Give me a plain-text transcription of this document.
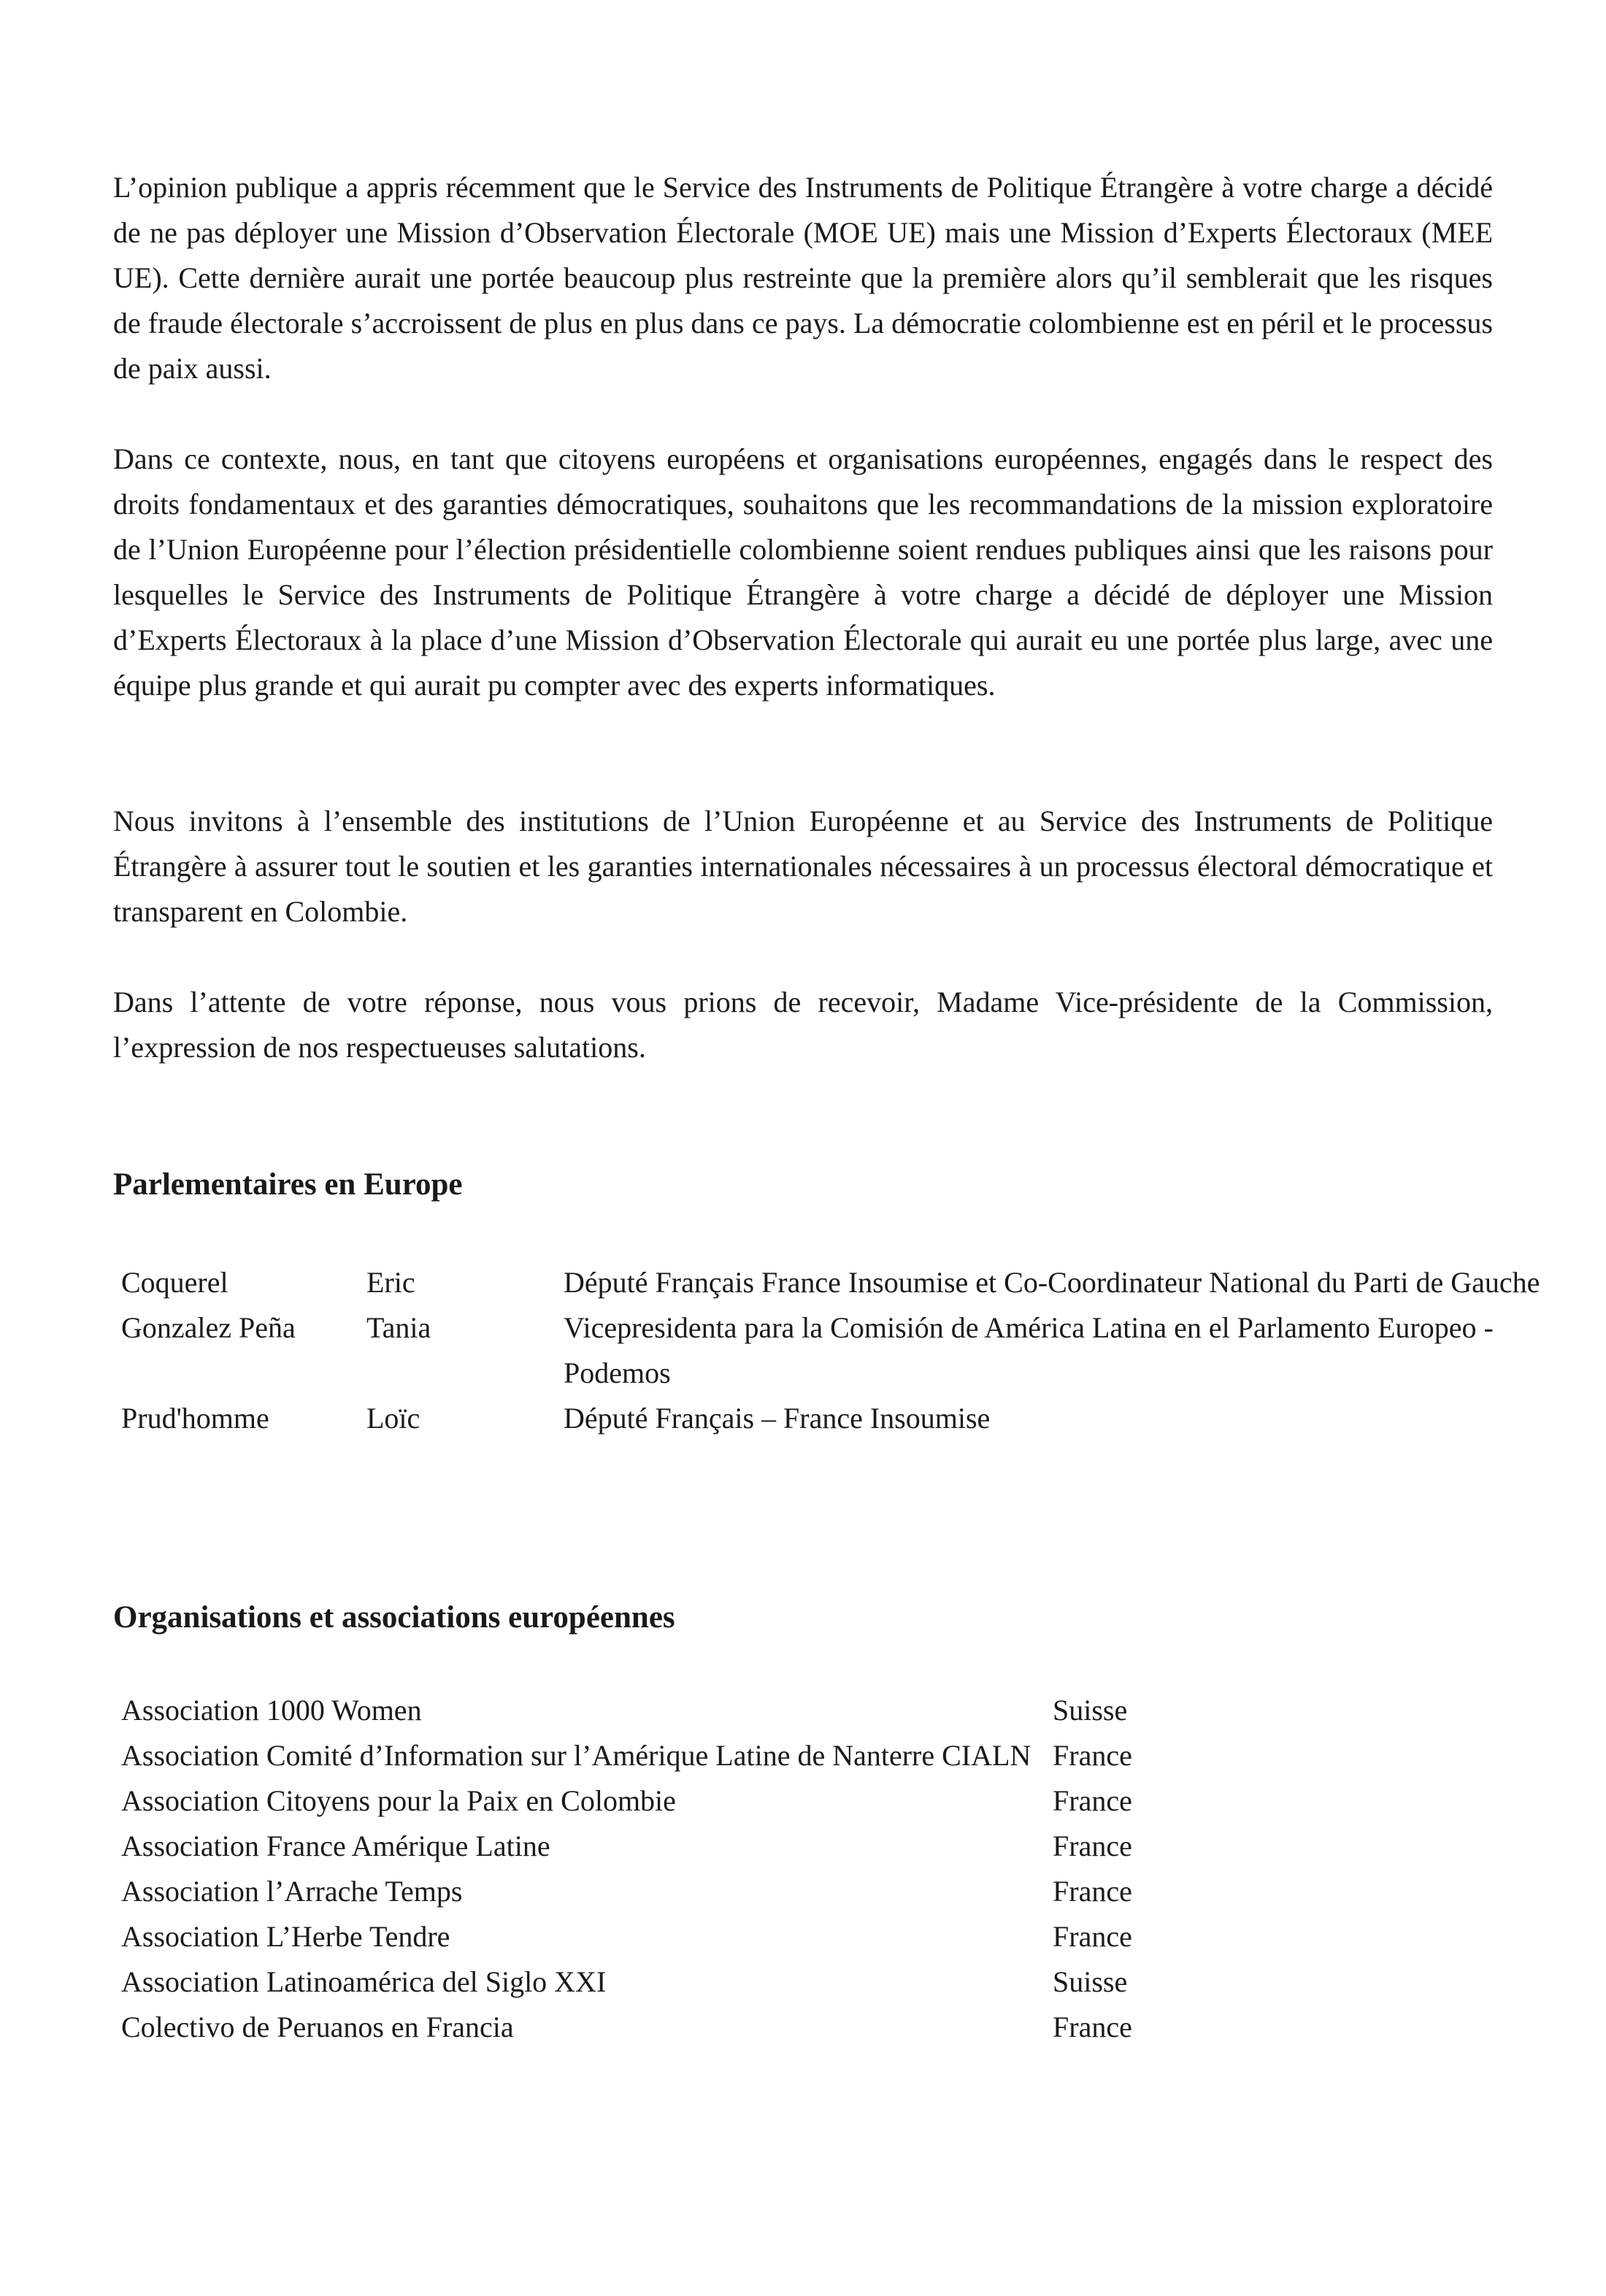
L’opinion publique a appris récemment que le Service des Instruments de Politique Étrangère à votre charge a décidé de ne pas déployer une Mission d’Observation Électorale (MOE UE) mais une Mission d’Experts Électoraux (MEE UE). Cette dernière aurait une portée beaucoup plus restreinte que la première alors qu’il semblerait que les risques de fraude électorale s’accroissent de plus en plus dans ce pays. La démocratie colombienne est en péril et le processus de paix aussi.

Dans ce contexte, nous, en tant que citoyens européens et organisations européennes, engagés dans le respect des droits fondamentaux et des garanties démocratiques, souhaitons que les recommandations de la mission exploratoire de l’Union Européenne pour l’élection présidentielle colombienne soient rendues publiques ainsi que les raisons pour lesquelles le Service des Instruments de Politique Étrangère à votre charge a décidé de déployer une Mission d’Experts Électoraux à la place d’une Mission d’Observation Électorale qui aurait eu une portée plus large, avec une équipe plus grande et qui aurait pu compter avec des experts informatiques.

Nous invitons à l’ensemble des institutions de l’Union Européenne et au Service des Instruments de Politique Étrangère à assurer tout le soutien et les garanties internationales nécessaires à un processus électoral démocratique et transparent en Colombie.

Dans l’attente de votre réponse, nous vous prions de recevoir, Madame Vice-présidente de la Commission, l’expression de nos respectueuses salutations.

Parlementaires en Europe
Coquerel	Eric	Député Français France Insoumise et Co-Coordinateur National du Parti de Gauche
Gonzalez Peña	Tania	Vicepresidenta para la Comisión de América Latina en el Parlamento Europeo - Podemos
Prud'homme	Loïc	Député Français – France Insoumise
Organisations et associations européennes
Association 1000 Women	Suisse
Association Comité d’Information sur l’Amérique Latine de Nanterre CIALN	France
Association Citoyens pour la Paix en Colombie	France
Association France Amérique Latine	France
Association l’Arrache Temps	France
Association L’Herbe Tendre	France
Association Latinoamérica del Siglo XXI	Suisse
Colectivo de Peruanos en Francia	France
